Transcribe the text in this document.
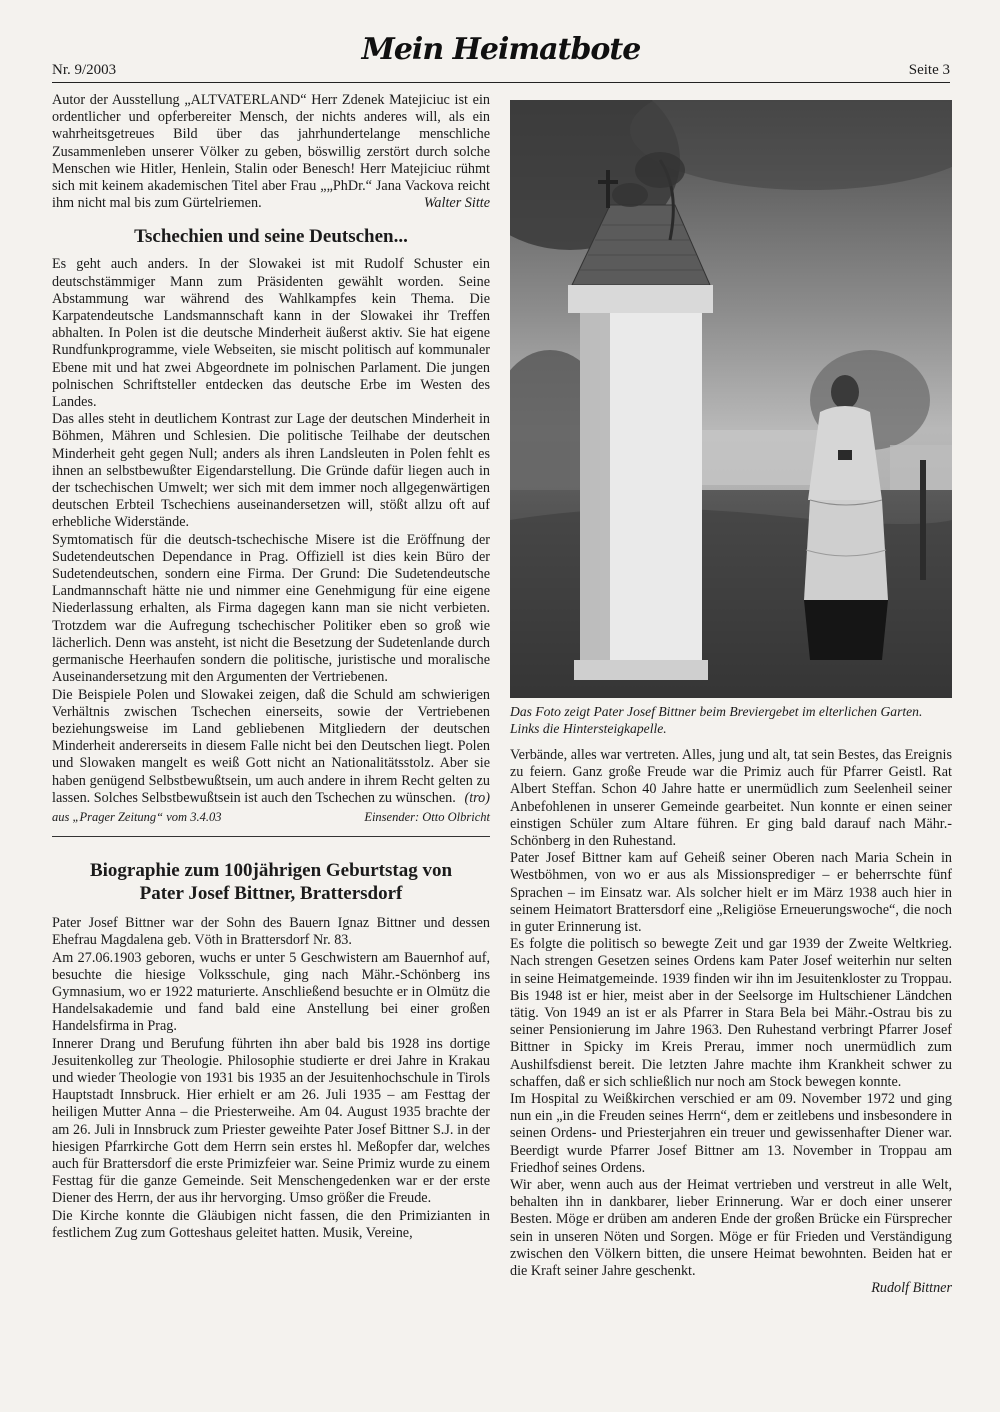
Nr. 9/2003
Mein Heimatbote
Seite 3

Autor der Ausstellung „ALTVATERLAND“ Herr Zdenek Matejiciuc ist ein ordentlicher und opferbereiter Mensch, der nichts anderes will, als ein wahrheitsgetreues Bild über das jahrhundertelange menschliche Zusammenleben unserer Völker zu geben, böswillig zerstört durch solche Menschen wie Hitler, Henlein, Stalin oder Benesch! Herr Matejiciuc rühmt sich mit keinem akademischen Titel aber Frau „„PhDr.“ Jana Vackova reicht ihm nicht mal bis zum Gürtelriemen.	Walter Sitte

Tschechien und seine Deutschen...

Es geht auch anders. In der Slowakei ist mit Rudolf Schuster ein deutschstämmiger Mann zum Präsidenten gewählt worden. Seine Abstammung war während des Wahlkampfes kein Thema. Die Karpatendeutsche Landsmannschaft kann in der Slowakei ihr Treffen abhalten. In Polen ist die deutsche Minderheit äußerst aktiv. Sie hat eigene Rundfunkprogramme, viele Webseiten, sie mischt politisch auf kommunaler Ebene mit und hat zwei Abgeordnete im polnischen Parlament. Die jungen polnischen Schriftsteller entdecken das deutsche Erbe im Westen des Landes.

Das alles steht in deutlichem Kontrast zur Lage der deutschen Minderheit in Böhmen, Mähren und Schlesien. Die politische Teilhabe der deutschen Minderheit geht gegen Null; anders als ihren Landsleuten in Polen fehlt es ihnen an selbstbewußter Eigendarstellung. Die Gründe dafür liegen auch in der tschechischen Umwelt; wer sich mit dem immer noch allgegenwärtigen deutschen Erbteil Tschechiens auseinandersetzen will, stößt allzu oft auf erhebliche Widerstände.

Symtomatisch für die deutsch-tschechische Misere ist die Eröffnung der Sudetendeutschen Dependance in Prag. Offiziell ist dies kein Büro der Sudetendeutschen, sondern eine Firma. Der Grund: Die Sudetendeutsche Landmannschaft hätte nie und nimmer eine Genehmigung für eine eigene Niederlassung erhalten, als Firma dagegen kann man sie nicht verbieten. Trotzdem war die Aufregung tschechischer Politiker eben so groß wie lächerlich. Denn was ansteht, ist nicht die Besetzung der Sudetenlande durch germanische Heerhaufen sondern die politische, juristische und moralische Auseinandersetzung mit den Argumenten der Vertriebenen.

Die Beispiele Polen und Slowakei zeigen, daß die Schuld am schwierigen Verhältnis zwischen Tschechen einerseits, sowie der Vertriebenen beziehungsweise im Land gebliebenen Mitgliedern der deutschen Minderheit andererseits in diesem Falle nicht bei den Deutschen liegt. Polen und Slowaken mangelt es weiß Gott nicht an Nationalitätsstolz. Aber sie haben genügend Selbstbewußtsein, um auch andere in ihrem Recht gelten zu lassen. Solches Selbstbewußtsein ist auch den Tschechen zu wünschen. (tro)

aus „Prager Zeitung“ vom 3.4.03	Einsender: Otto Olbricht
Biographie zum 100jährigen Geburtstag von
Pater Josef Bittner, Brattersdorf

Pater Josef Bittner war der Sohn des Bauern Ignaz Bittner und dessen Ehefrau Magdalena geb. Vöth in Brattersdorf Nr. 83.

Am 27.06.1903 geboren, wuchs er unter 5 Geschwistern am Bauernhof auf, besuchte die hiesige Volksschule, ging nach Mähr.-Schönberg ins Gymnasium, wo er 1922 maturierte. Anschließend besuchte er in Olmütz die Handelsakademie und fand bald eine Anstellung bei einer großen Handelsfirma in Prag.

Innerer Drang und Berufung führten ihn aber bald bis 1928 ins dortige Jesuitenkolleg zur Theologie. Philosophie studierte er drei Jahre in Krakau und wieder Theologie von 1931 bis 1935 an der Jesuitenhochschule in Tirols Hauptstadt Innsbruck. Hier erhielt er am 26. Juli 1935 – am Festtag der heiligen Mutter Anna – die Priesterweihe. Am 04. August 1935 brachte der am 26. Juli in Innsbruck zum Priester geweihte Pater Josef Bittner S.J. in der hiesigen Pfarrkirche Gott dem Herrn sein erstes hl. Meßopfer dar, welches auch für Brattersdorf die erste Primizfeier war. Seine Primiz wurde zu einem Festtag für die ganze Gemeinde. Seit Menschengedenken war er der erste Diener des Herrn, der aus ihr hervorging. Umso größer die Freude.

Die Kirche konnte die Gläubigen nicht fassen, die den Primizianten in festlichem Zug zum Gotteshaus geleitet hatten. Musik, Vereine,

Das Foto zeigt Pater Josef Bittner beim Breviergebet im elterlichen Garten. Links die Hintersteigkapelle.

Verbände, alles war vertreten. Alles, jung und alt, tat sein Bestes, das Ereignis zu feiern. Ganz große Freude war die Primiz auch für Pfarrer Geistl. Rat Albert Steffan. Schon 40 Jahre hatte er unermüdlich zum Seelenheil seiner Anbefohlenen in unserer Gemeinde gearbeitet. Nun konnte er einen seiner einstigen Schüler zum Altare führen. Er ging bald darauf nach Mähr.-Schönberg in den Ruhestand.

Pater Josef Bittner kam auf Geheiß seiner Oberen nach Maria Schein in Westböhmen, von wo er aus als Missionsprediger – er beherrschte fünf Sprachen – im Einsatz war. Als solcher hielt er im März 1938 auch hier in seinem Heimatort Brattersdorf eine „Religiöse Erneuerungswoche“, die noch in guter Erinnerung ist.

Es folgte die politisch so bewegte Zeit und gar 1939 der Zweite Weltkrieg. Nach strengen Gesetzen seines Ordens kam Pater Josef weiterhin nur selten in seine Heimatgemeinde. 1939 finden wir ihn im Jesuitenkloster zu Troppau. Bis 1948 ist er hier, meist aber in der Seelsorge im Hultschiener Ländchen tätig. Von 1949 an ist er als Pfarrer in Stara Bela bei Mähr.-Ostrau bis zu seiner Pensionierung im Jahre 1963. Den Ruhestand verbringt Pfarrer Josef Bittner in Spicky im Kreis Prerau, immer noch unermüdlich zum Aushilfsdienst bereit. Die letzten Jahre machte ihm Krankheit schwer zu schaffen, daß er sich schließlich nur noch am Stock bewegen konnte.

Im Hospital zu Weißkirchen verschied er am 09. November 1972 und ging nun ein „in die Freuden seines Herrn“, dem er zeitlebens und insbesondere in seinen Ordens- und Priesterjahren ein treuer und gewissenhafter Diener war. Beerdigt wurde Pfarrer Josef Bittner am 13. November in Troppau am Friedhof seines Ordens.

Wir aber, wenn auch aus der Heimat vertrieben und verstreut in alle Welt, behalten ihn in dankbarer, lieber Erinnerung. War er doch einer unserer Besten. Möge er drüben am anderen Ende der großen Brücke ein Fürsprecher sein in unseren Nöten und Sorgen. Möge er für Frieden und Verständigung zwischen den Völkern bitten, die unsere Heimat bewohnten. Beiden hat er die Kraft seiner Jahre geschenkt.

Rudolf Bittner
